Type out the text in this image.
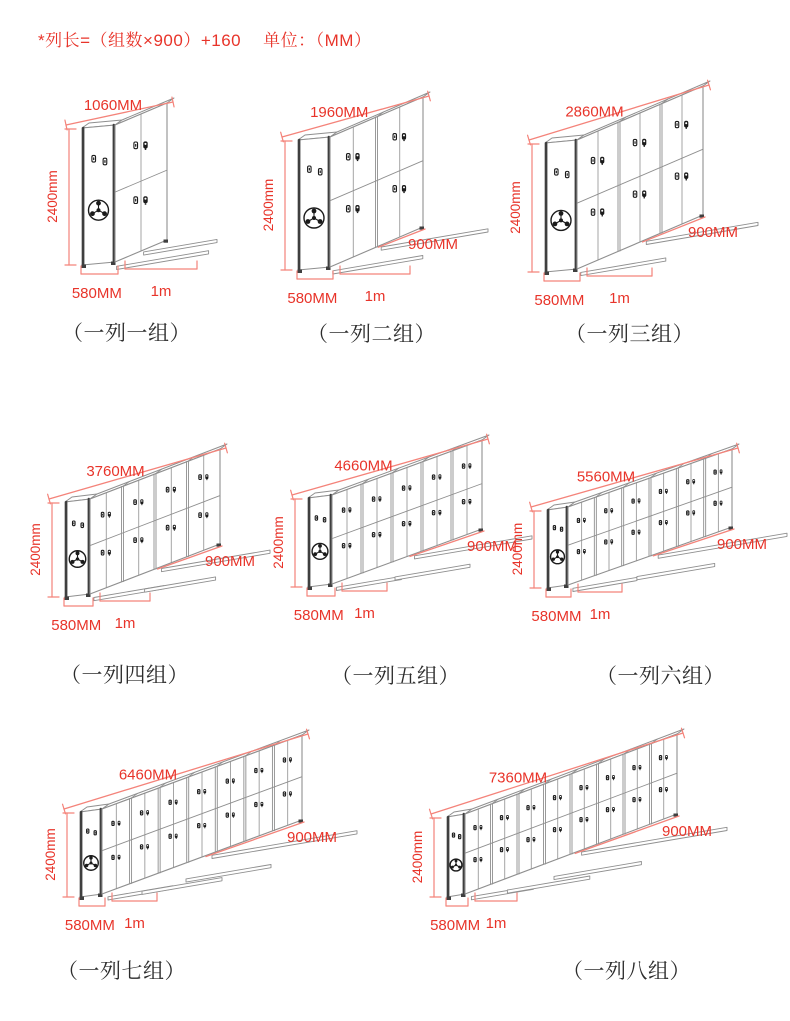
*列长=（组数×900）+160 单位：（MM）
2400mm
1060MM
580MM 1m
2400mm
1960MM
580MM 1m
900MM
2400mm
2860MM
580MM 1m
900MM
2400mm
3760MM
580MM 1m
900MM 2400mm
4660MM
580MM 1m
900MM
2400mm
5560MM
580MM 1m
900MM
2400mm
6460MM
580MM 1m
900MM	2400mm
7360MM
580MM 1m
900MM
（一列一组）	（一列二组）	（一列三组）
（一列四组）	（一列五组）	（一列六组）
（一列七组）	（一列八组）
